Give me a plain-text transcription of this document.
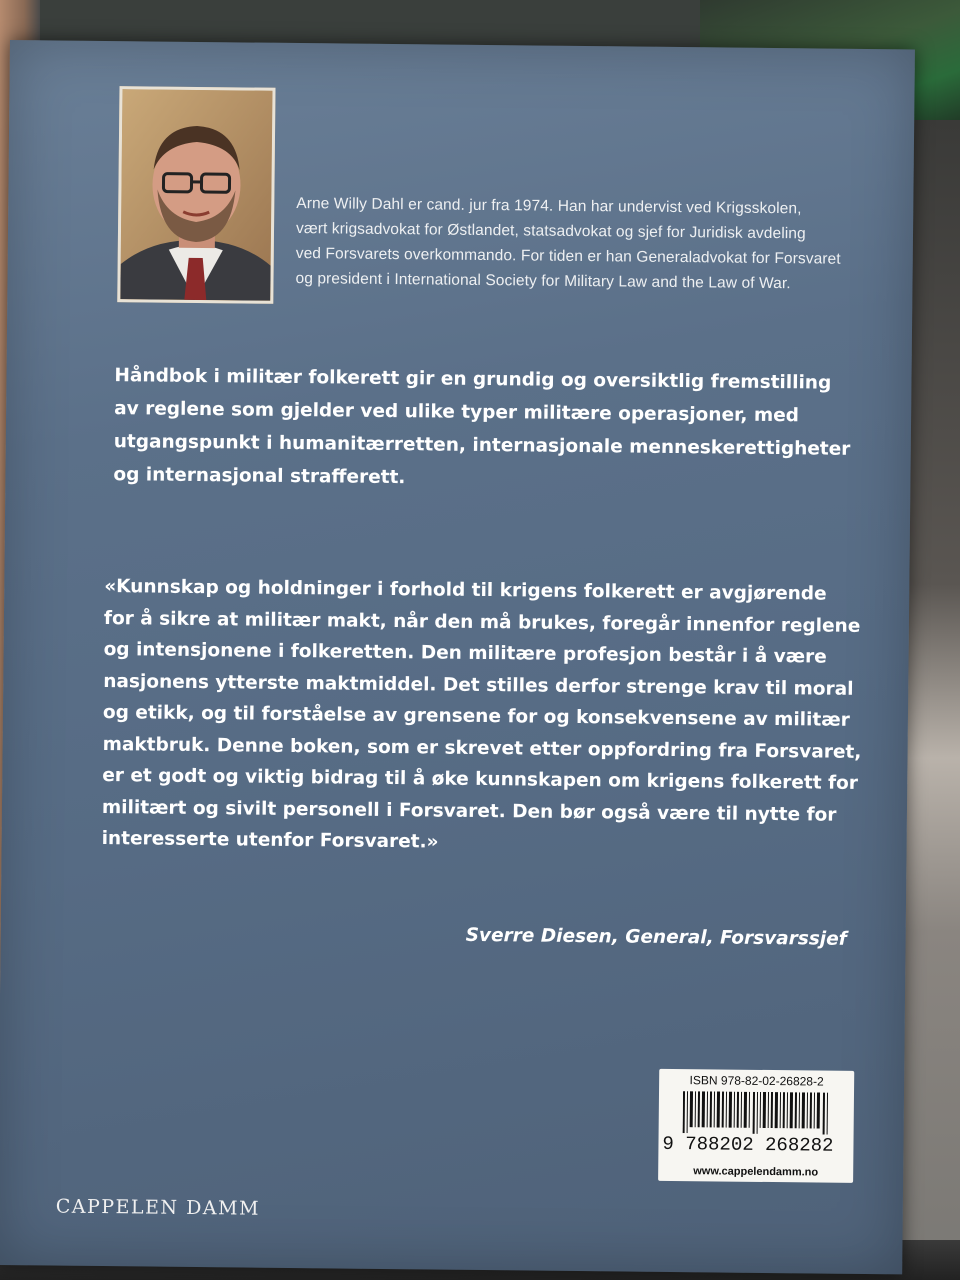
Arne Willy Dahl er cand. jur fra 1974. Han har undervist ved Krigsskolen,
vært krigsadvokat for Østlandet, statsadvokat og sjef for Juridisk avdeling
ved Forsvarets overkommando. For tiden er han Generaladvokat for Forsvaret
og president i International Society for Military Law and the Law of War.
Håndbok i militær folkerett gir en grundig og oversiktlig fremstilling
av reglene som gjelder ved ulike typer militære operasjoner, med
utgangspunkt i humanitærretten, internasjonale menneskerettigheter
og internasjonal strafferett.
«Kunnskap og holdninger i forhold til krigens folkerett er avgjørende
for å sikre at militær makt, når den må brukes, foregår innenfor reglene
og intensjonene i folkeretten. Den militære profesjon består i å være
nasjonens ytterste maktmiddel. Det stilles derfor strenge krav til moral
og etikk, og til forståelse av grensene for og konsekvensene av militær
maktbruk. Denne boken, som er skrevet etter oppfordring fra Forsvaret,
er et godt og viktig bidrag til å øke kunnskapen om krigens folkerett for
militært og sivilt personell i Forsvaret. Den bør også være til nytte for
interesserte utenfor Forsvaret.»
Sverre Diesen, General, Forsvarssjef
CAPPELEN DAMM
ISBN 978-82-02-26828-2
9 788202 268282
www.cappelendamm.no
